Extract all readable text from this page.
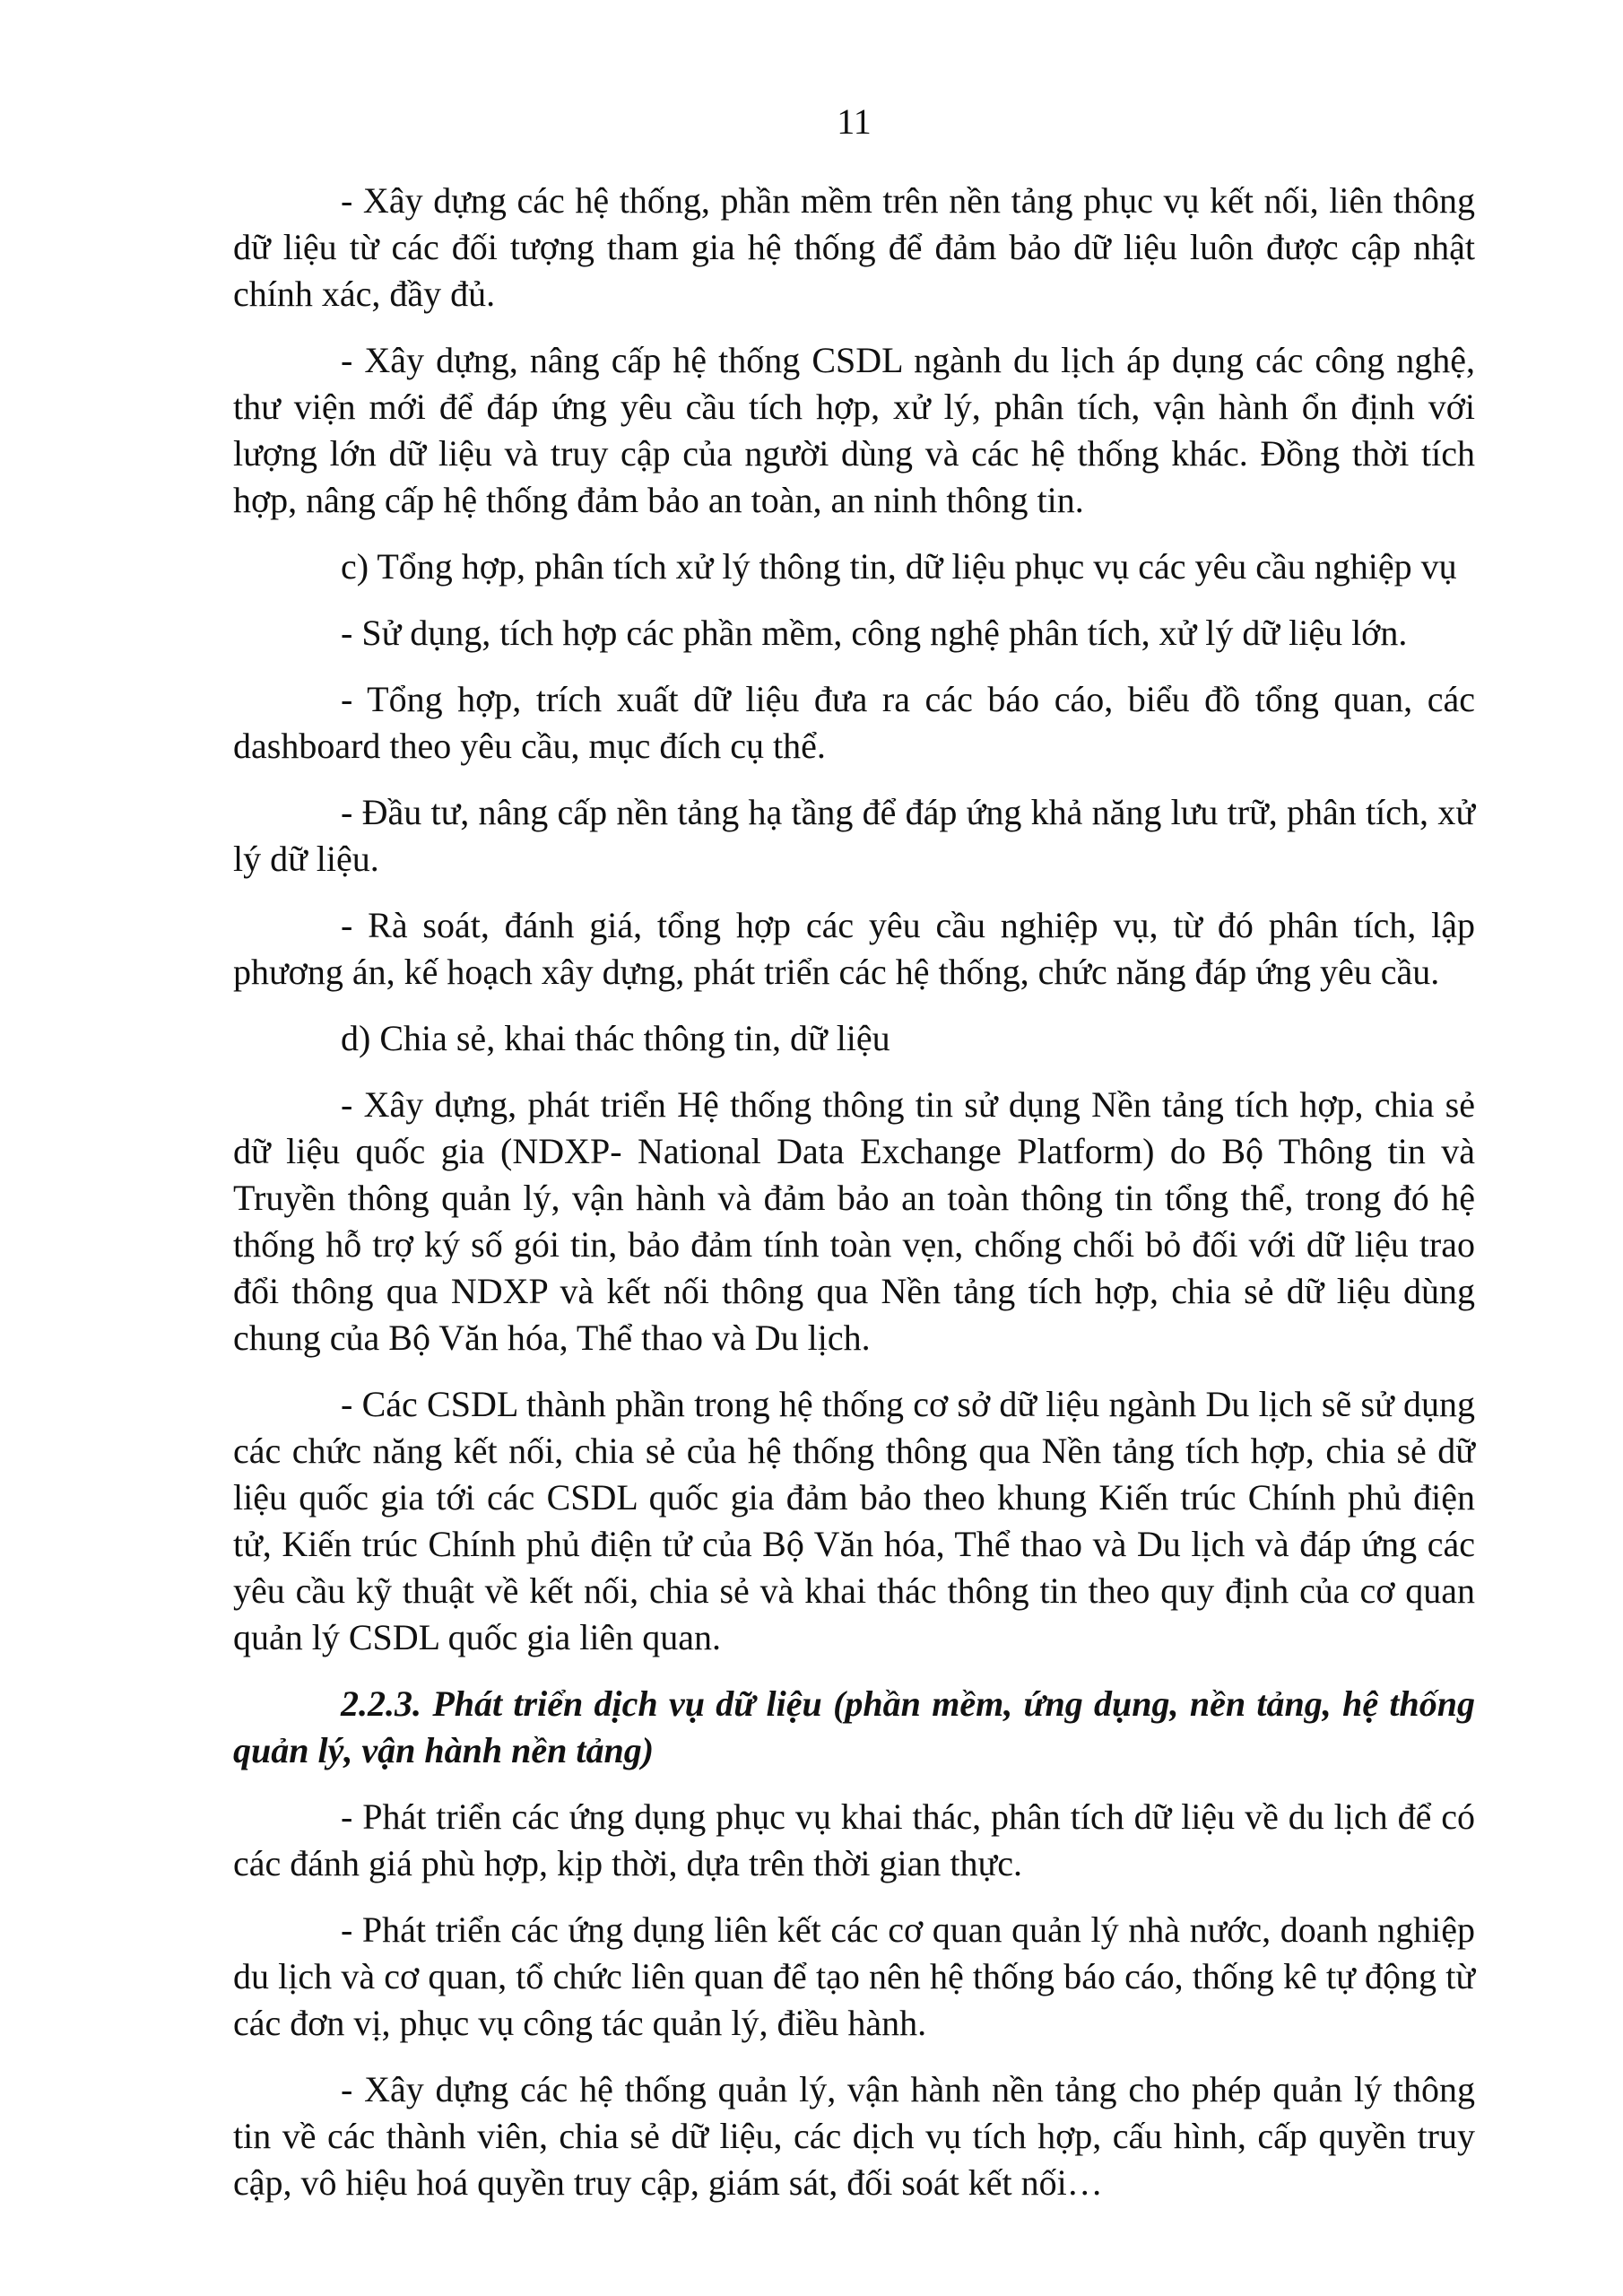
11

- Xây dựng các hệ thống, phần mềm trên nền tảng phục vụ kết nối, liên thông dữ liệu từ các đối tượng tham gia hệ thống để đảm bảo dữ liệu luôn được cập nhật chính xác, đầy đủ.

- Xây dựng, nâng cấp hệ thống CSDL ngành du lịch áp dụng các công nghệ, thư viện mới để đáp ứng yêu cầu tích hợp, xử lý, phân tích, vận hành ổn định với lượng lớn dữ liệu và truy cập của người dùng và các hệ thống khác. Đồng thời tích hợp, nâng cấp hệ thống đảm bảo an toàn, an ninh thông tin.

c) Tổng hợp, phân tích xử lý thông tin, dữ liệu phục vụ các yêu cầu nghiệp vụ

- Sử dụng, tích hợp các phần mềm, công nghệ phân tích, xử lý dữ liệu lớn.

- Tổng hợp, trích xuất dữ liệu đưa ra các báo cáo, biểu đồ tổng quan, các dashboard theo yêu cầu, mục đích cụ thể.

- Đầu tư, nâng cấp nền tảng hạ tầng để đáp ứng khả năng lưu trữ, phân tích, xử lý dữ liệu.

- Rà soát, đánh giá, tổng hợp các yêu cầu nghiệp vụ, từ đó phân tích, lập phương án, kế hoạch xây dựng, phát triển các hệ thống, chức năng đáp ứng yêu cầu.

d) Chia sẻ, khai thác thông tin, dữ liệu

- Xây dựng, phát triển Hệ thống thông tin sử dụng Nền tảng tích hợp, chia sẻ dữ liệu quốc gia (NDXP- National Data Exchange Platform) do Bộ Thông tin và Truyền thông quản lý, vận hành và đảm bảo an toàn thông tin tổng thể, trong đó hệ thống hỗ trợ ký số gói tin, bảo đảm tính toàn vẹn, chống chối bỏ đối với dữ liệu trao đổi thông qua NDXP và kết nối thông qua Nền tảng tích hợp, chia sẻ dữ liệu dùng chung của Bộ Văn hóa, Thể thao và Du lịch.

- Các CSDL thành phần trong hệ thống cơ sở dữ liệu ngành Du lịch sẽ sử dụng các chức năng kết nối, chia sẻ của hệ thống thông qua Nền tảng tích hợp, chia sẻ dữ liệu quốc gia tới các CSDL quốc gia đảm bảo theo khung Kiến trúc Chính phủ điện tử, Kiến trúc Chính phủ điện tử của Bộ Văn hóa, Thể thao và Du lịch và đáp ứng các yêu cầu kỹ thuật về kết nối, chia sẻ và khai thác thông tin theo quy định của cơ quan quản lý CSDL quốc gia liên quan.

2.2.3. Phát triển dịch vụ dữ liệu (phần mềm, ứng dụng, nền tảng, hệ thống quản lý, vận hành nền tảng)

- Phát triển các ứng dụng phục vụ khai thác, phân tích dữ liệu về du lịch để có các đánh giá phù hợp, kịp thời, dựa trên thời gian thực.

- Phát triển các ứng dụng liên kết các cơ quan quản lý nhà nước, doanh nghiệp du lịch và cơ quan, tổ chức liên quan để tạo nên hệ thống báo cáo, thống kê tự động từ các đơn vị, phục vụ công tác quản lý, điều hành.

- Xây dựng các hệ thống quản lý, vận hành nền tảng cho phép quản lý thông tin về các thành viên, chia sẻ dữ liệu, các dịch vụ tích hợp, cấu hình, cấp quyền truy cập, vô hiệu hoá quyền truy cập, giám sát, đối soát kết nối…
